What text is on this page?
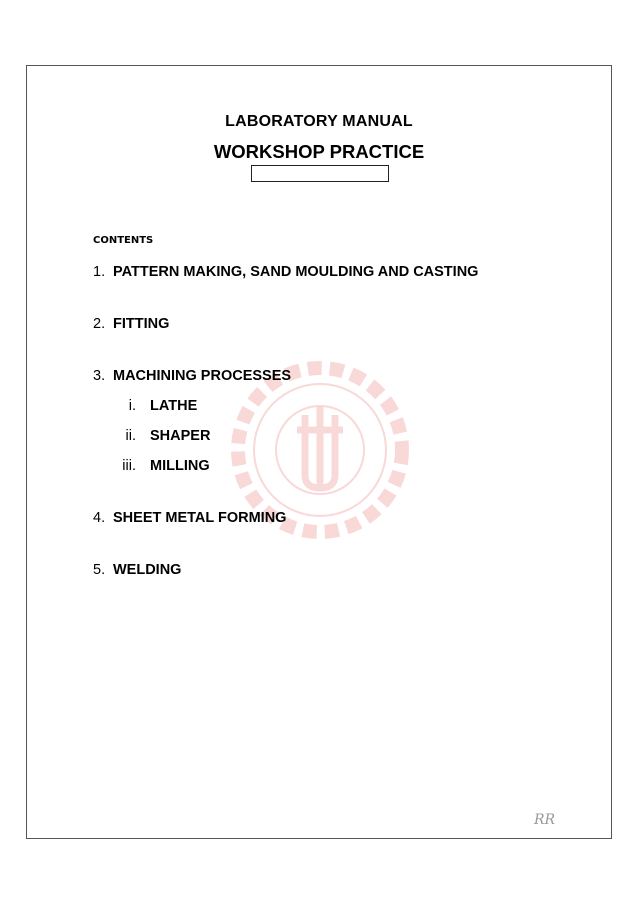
LABORATORY MANUAL
WORKSHOP PRACTICE
CONTENTS
1. PATTERN MAKING, SAND MOULDING AND CASTING
2. FITTING
3. MACHINING PROCESSES
i. LATHE
ii. SHAPER
iii. MILLING
4. SHEET METAL FORMING
5. WELDING
RR
